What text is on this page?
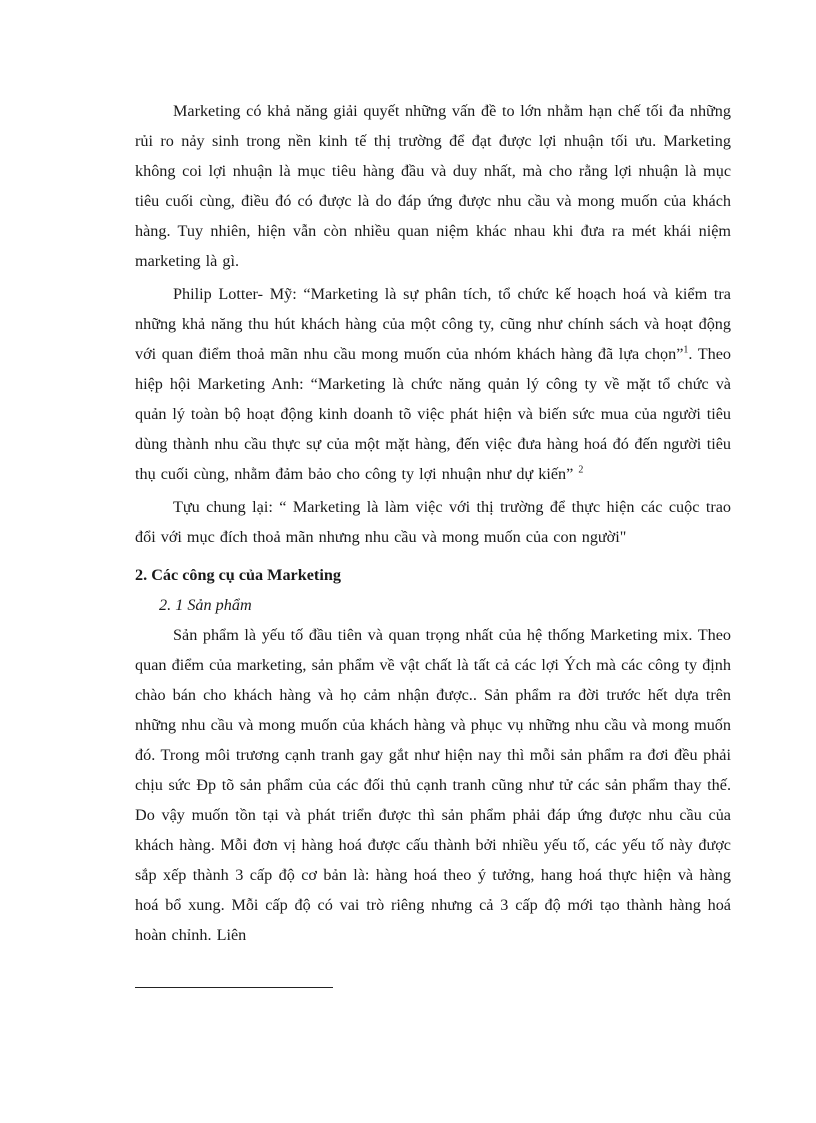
Marketing có khả năng giải quyết những vấn đề to lớn nhằm hạn chế tối đa những rủi ro nảy sinh trong nền kinh tế thị trường để đạt được lợi nhuận tối ưu. Marketing không coi lợi nhuận là mục tiêu hàng đầu và duy nhất, mà cho rằng lợi nhuận là mục tiêu cuối cùng, điều đó có được là do đáp ứng được nhu cầu và mong muốn của khách hàng. Tuy nhiên, hiện vẫn còn nhiều quan niệm khác nhau khi đưa ra mét khái niệm marketing là gì.

Philip Lotter- Mỹ: “Marketing là sự phân tích, tổ chức kế hoạch hoá và kiểm tra những khả năng thu hút khách hàng của một công ty, cũng như chính sách và hoạt động với quan điểm thoả mãn nhu cầu mong muốn của nhóm khách hàng đã lựa chọn”$^1$. Theo hiệp hội Marketing Anh: “Marketing là chức năng quản lý công ty về mặt tổ chức và quản lý toàn bộ hoạt động kinh doanh tõ việc phát hiện và biến sức mua của người tiêu dùng thành nhu cầu thực sự của một mặt hàng, đến việc đưa hàng hoá đó đến người tiêu thụ cuối cùng, nhằm đảm bảo cho công ty lợi nhuận như dự kiến” $^2$

Tựu chung lại: “ Marketing là làm việc với thị trường để thực hiện các cuộc trao đổi với mục đích thoả mãn nhưng nhu cầu và mong muốn của con người"

2. Các công cụ của Marketing

2. 1 Sản phẩm

Sản phẩm là yếu tố đầu tiên và quan trọng nhất của hệ thống Marketing mix. Theo quan điểm của marketing, sản phẩm về vật chất là tất cả các lợi Ých mà các công ty định chào bán cho khách hàng và họ cảm nhận được.. Sản phẩm ra đời trước hết dựa trên những nhu cầu và mong muốn của khách hàng và phục vụ những nhu cầu và mong muốn đó. Trong môi trương cạnh tranh gay gắt như hiện nay thì mỗi sản phẩm ra đơi đều phải chịu sức Ðp tõ sản phẩm của các đối thủ cạnh tranh cũng như tử các sản phẩm thay thế. Do vậy muốn tồn tại và phát triển được thì sản phẩm phải đáp ứng được nhu cầu của khách hàng. Mỗi đơn vị hàng hoá được cấu thành bởi nhiều yếu tố, các yếu tố này được sắp xếp thành 3 cấp độ cơ bản là: hàng hoá theo ý tưởng, hang hoá thực hiện và hàng hoá bổ xung. Mỗi cấp độ có vai trò riêng nhưng cả 3 cấp độ mới tạo thành hàng hoá hoàn chỉnh. Liên
